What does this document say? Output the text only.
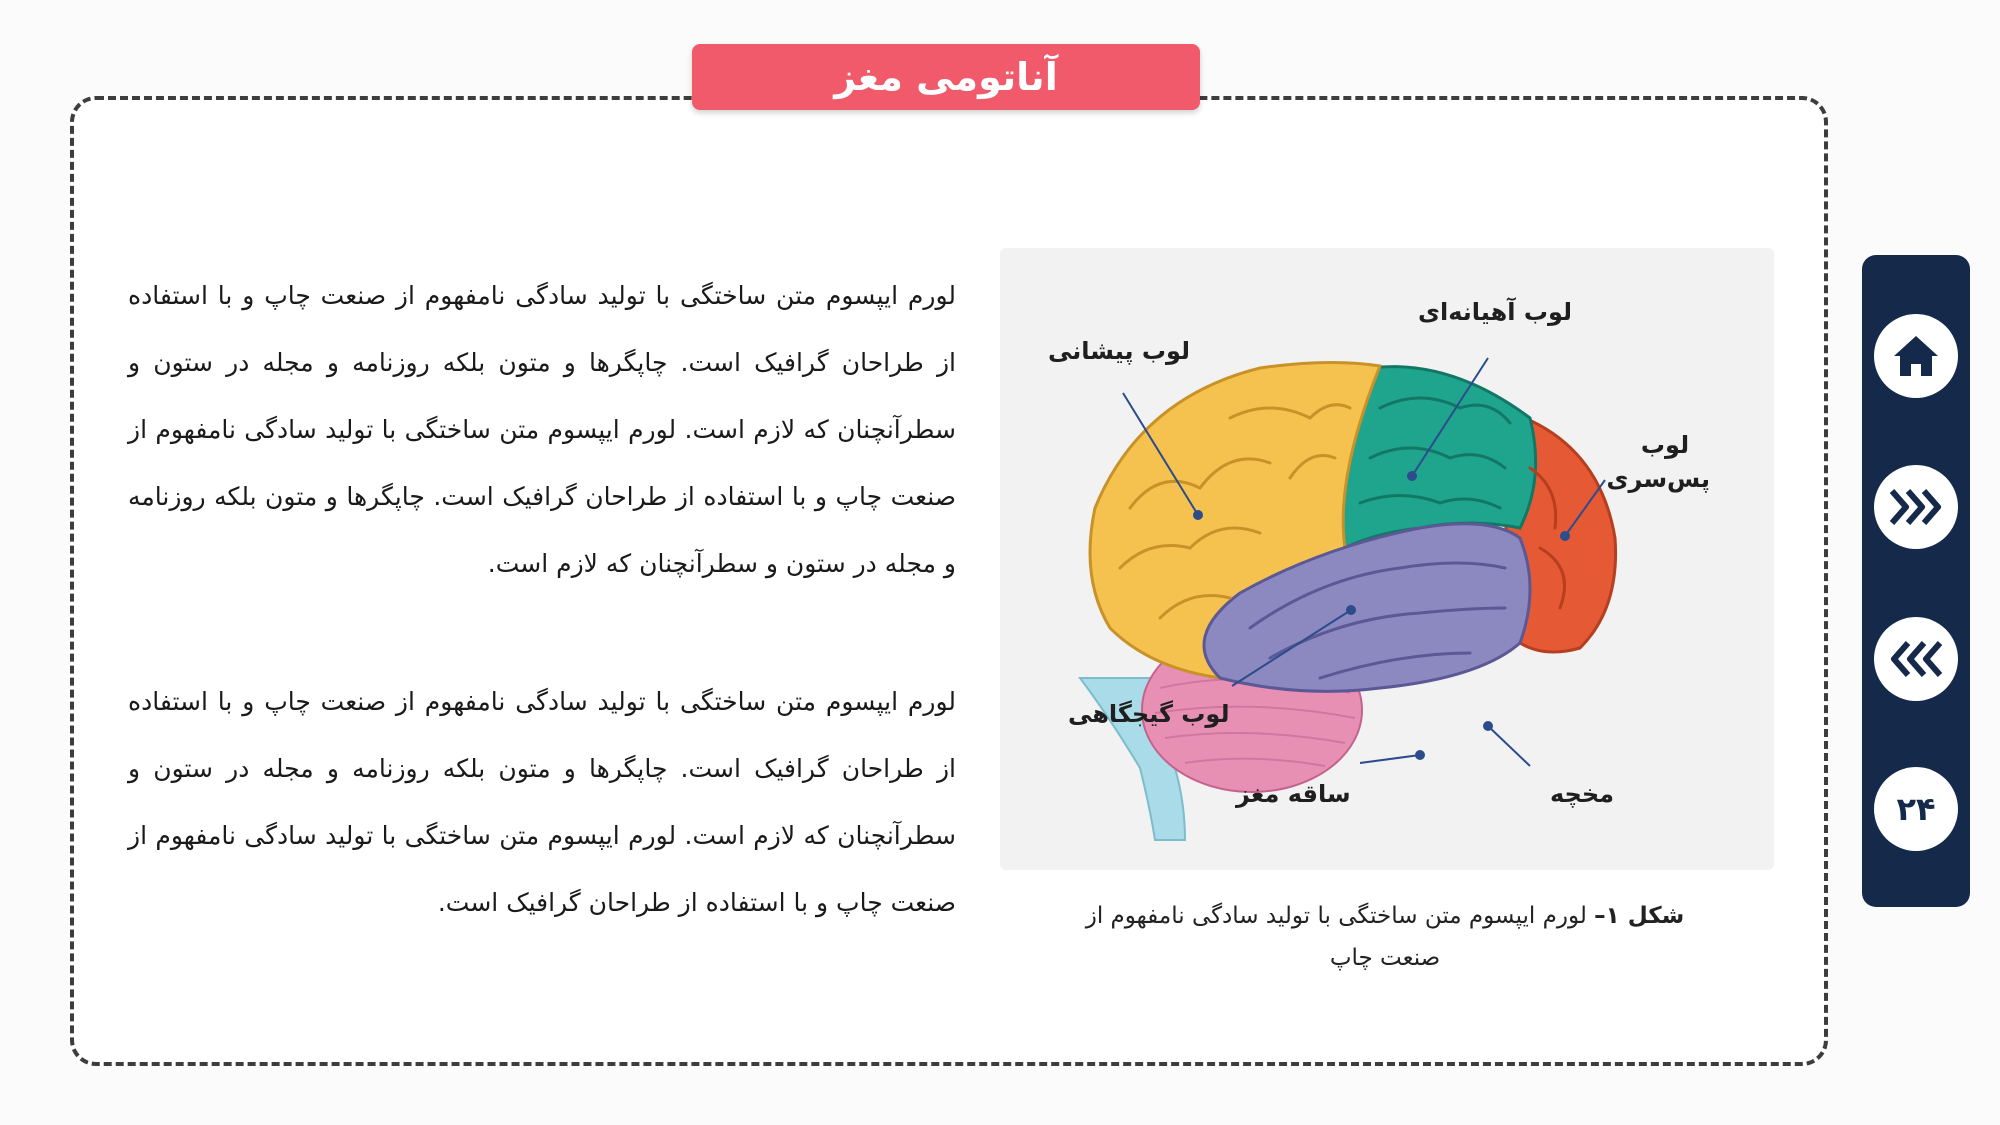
آناتومی مغز
لورم ایپسوم متن ساختگی با تولید سادگی نامفهوم از صنعت چاپ و با استفاده از طراحان گرافیک است. چاپگرها و متون بلکه روزنامه و مجله در ستون و سطرآنچنان که لازم است. لورم ایپسوم متن ساختگی با تولید سادگی نامفهوم از صنعت چاپ و با استفاده از طراحان گرافیک است. چاپگرها و متون بلکه روزنامه و مجله در ستون و سطرآنچنان که لازم است.
لورم ایپسوم متن ساختگی با تولید سادگی نامفهوم از صنعت چاپ و با استفاده از طراحان گرافیک است. چاپگرها و متون بلکه روزنامه و مجله در ستون و سطرآنچنان که لازم است. لورم ایپسوم متن ساختگی با تولید سادگی نامفهوم از صنعت چاپ و با استفاده از طراحان گرافیک است.
لوب پیشانی
لوب آهیانه‌ای
لوب
پس‌سری
لوب گیجگاهی
ساقه مغز	مخچه
شکل ۱– لورم ایپسوم متن ساختگی با تولید سادگی نامفهوم از صنعت چاپ
۲۴
